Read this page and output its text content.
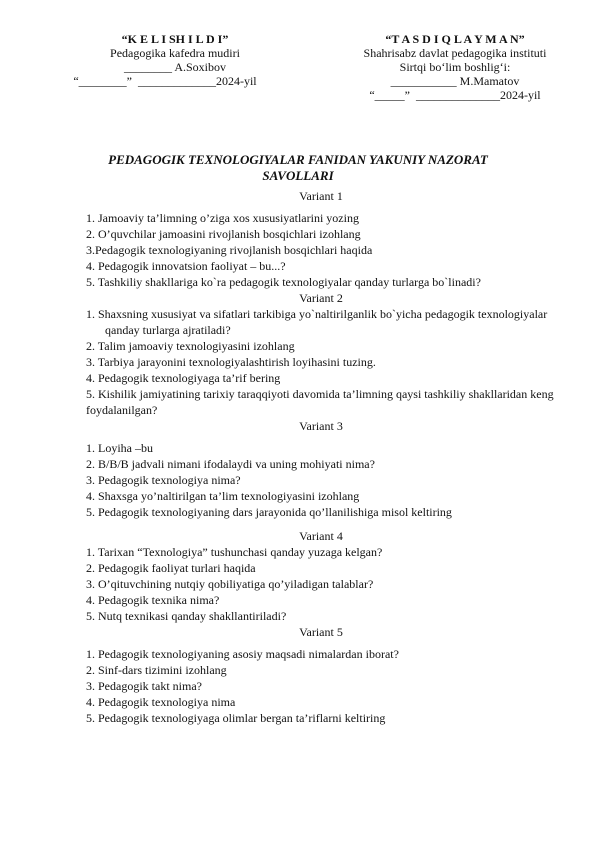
“K E L I SH I L D I”
Pedagogika kafedra mudiri
________ A.Soxibov
“________”  _____________2024-yil
“T A S D I Q L A Y M A N”
Shahrisabz davlat pedagogika instituti
Sirtqi bo‘lim boshlig‘i:
___________ M.Mamatov
“_____”  ______________2024-yil
PEDAGOGIK TEXNOLOGIYALAR FANIDAN YAKUNIY NAZORAT
SAVOLLARI
Variant 1
1. Jamoaviy ta’limning o’ziga xos xususiyatlarini yozing
2. O’quvchilar jamoasini rivojlanish bosqichlari izohlang
3.Pedagogik texnologiyaning rivojlanish bosqichlari haqida
4. Pedagogik innovatsion faoliyat – bu...?
5. Tashkiliy shakllariga ko`ra pedagogik texnologiyalar qanday turlarga bo`linadi?
Variant 2
1. Shaxsning xususiyat va sifatlari tarkibiga yo`naltirilganlik bo`yicha pedagogik texnologiyalar qanday turlarga ajratiladi?
2. Talim jamoaviy texnologiyasini izohlang
3. Tarbiya jarayonini texnologiyalashtirish loyihasini tuzing.
4. Pedagogik texnologiyaga ta’rif bering
5. Kishilik jamiyatining tarixiy taraqqiyoti davomida ta’limning qaysi tashkiliy shakllaridan keng foydalanilgan?
Variant 3
1. Loyiha –bu
2. B/B/B jadvali nimani ifodalaydi va uning mohiyati nima?
3. Pedagogik texnologiya nima?
4. Shaxsga yo’naltirilgan ta’lim texnologiyasini izohlang
5. Pedagogik texnologiyaning dars jarayonida qo’llanilishiga misol keltiring
Variant 4
1. Tarixan “Texnologiya” tushunchasi qanday yuzaga kelgan?
2. Pedagogik faoliyat turlari haqida
3. O’qituvchining nutqiy qobiliyatiga qo’yiladigan talablar?
4. Pedagogik texnika nima?
5. Nutq texnikasi qanday shakllantiriladi?
Variant 5
1. Pedagogik texnologiyaning asosiy maqsadi nimalardan iborat?
2. Sinf-dars tizimini izohlang
3. Pedagogik takt nima?
4. Pedagogik texnologiya nima
5. Pedagogik texnologiyaga olimlar bergan ta’riflarni keltiring
